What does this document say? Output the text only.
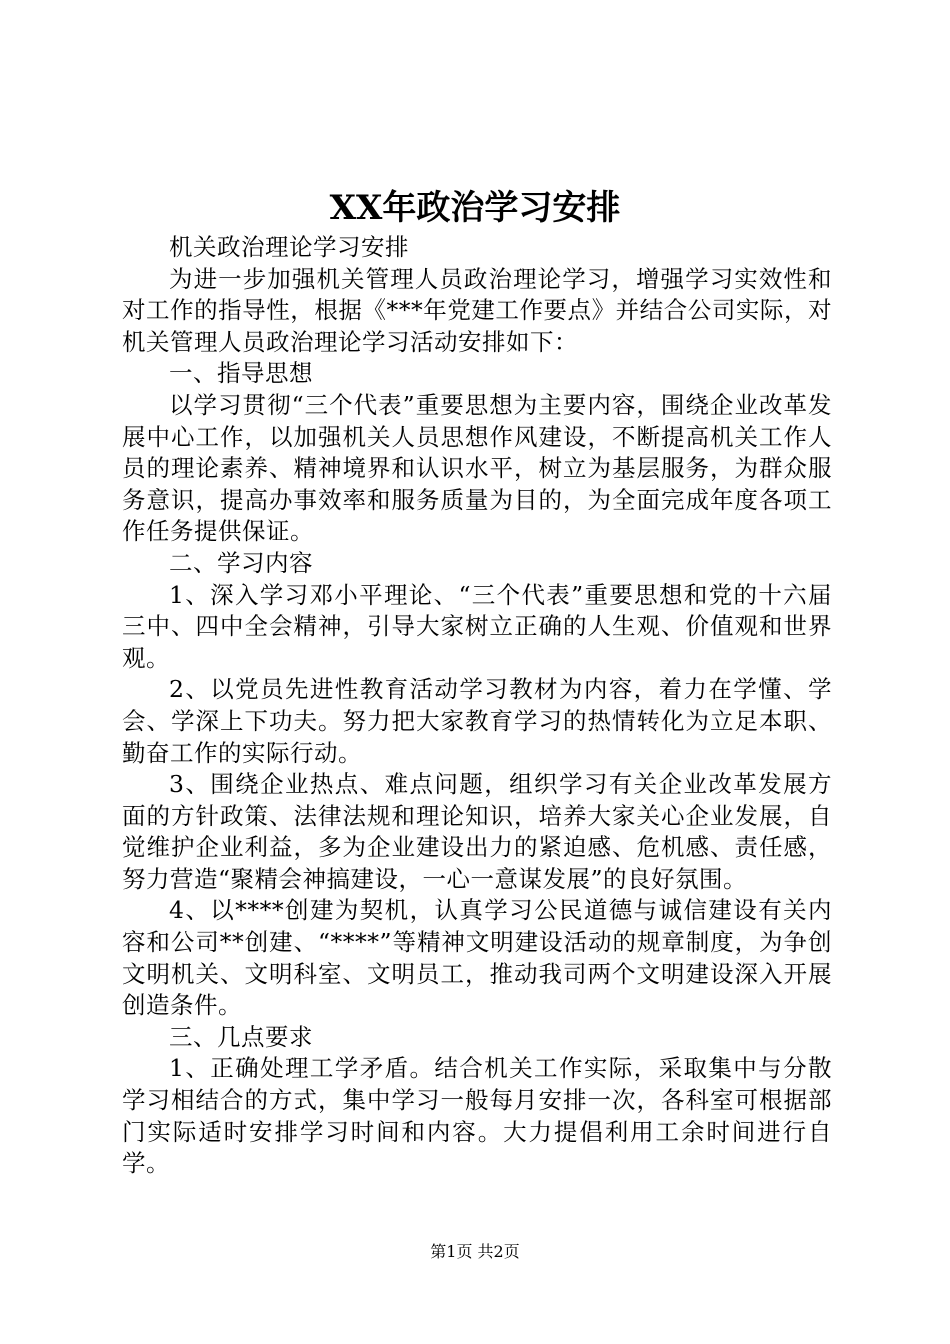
XX年政治学习安排

机关政治理论学习安排

为进一步加强机关管理人员政治理论学习，增强学习实效性和对工作的指导性，根据《***年党建工作要点》并结合公司实际，对机关管理人员政治理论学习活动安排如下：

一、指导思想

以学习贯彻“三个代表”重要思想为主要内容，围绕企业改革发展中心工作，以加强机关人员思想作风建设，不断提高机关工作人员的理论素养、精神境界和认识水平，树立为基层服务，为群众服务意识，提高办事效率和服务质量为目的，为全面完成年度各项工作任务提供保证。

二、学习内容

1、深入学习邓小平理论、“三个代表”重要思想和党的十六届三中、四中全会精神，引导大家树立正确的人生观、价值观和世界观。

2、以党员先进性教育活动学习教材为内容，着力在学懂、学会、学深上下功夫。努力把大家教育学习的热情转化为立足本职、勤奋工作的实际行动。

3、围绕企业热点、难点问题，组织学习有关企业改革发展方面的方针政策、法律法规和理论知识，培养大家关心企业发展，自觉维护企业利益，多为企业建设出力的紧迫感、危机感、责任感，努力营造“聚精会神搞建设，一心一意谋发展”的良好氛围。

4、以****创建为契机，认真学习公民道德与诚信建设有关内容和公司**创建、“****”等精神文明建设活动的规章制度，为争创文明机关、文明科室、文明员工，推动我司两个文明建设深入开展创造条件。

三、几点要求

1、正确处理工学矛盾。结合机关工作实际，采取集中与分散学习相结合的方式，集中学习一般每月安排一次，各科室可根据部门实际适时安排学习时间和内容。大力提倡利用工余时间进行自学。

第1页 共2页
